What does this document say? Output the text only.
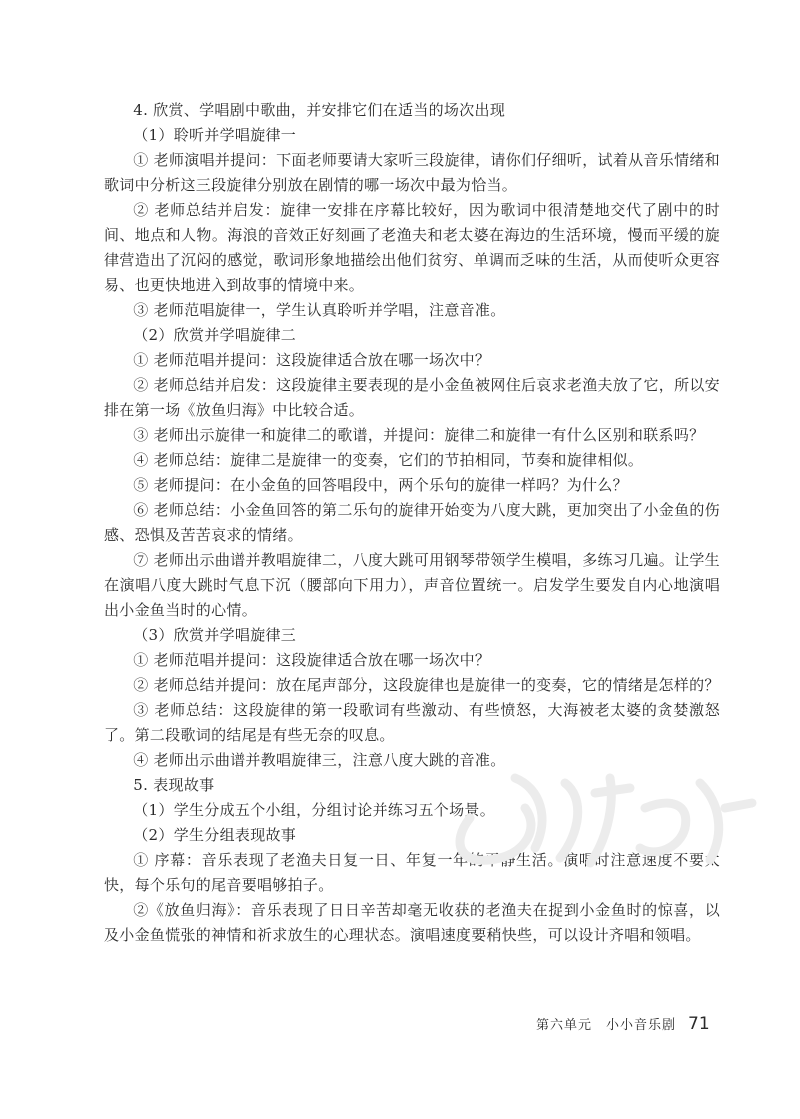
4. 欣赏、学唱剧中歌曲，并安排它们在适当的场次出现

（1）聆听并学唱旋律一

① 老师演唱并提问：下面老师要请大家听三段旋律，请你们仔细听，试着从音乐情绪和歌词中分析这三段旋律分别放在剧情的哪一场次中最为恰当。

② 老师总结并启发：旋律一安排在序幕比较好，因为歌词中很清楚地交代了剧中的时间、地点和人物。海浪的音效正好刻画了老渔夫和老太婆在海边的生活环境，慢而平缓的旋律营造出了沉闷的感觉，歌词形象地描绘出他们贫穷、单调而乏味的生活，从而使听众更容易、也更快地进入到故事的情境中来。

③ 老师范唱旋律一，学生认真聆听并学唱，注意音准。

（2）欣赏并学唱旋律二

① 老师范唱并提问：这段旋律适合放在哪一场次中？

② 老师总结并启发：这段旋律主要表现的是小金鱼被网住后哀求老渔夫放了它，所以安排在第一场《放鱼归海》中比较合适。

③ 老师出示旋律一和旋律二的歌谱，并提问：旋律二和旋律一有什么区别和联系吗？

④ 老师总结：旋律二是旋律一的变奏，它们的节拍相同，节奏和旋律相似。

⑤ 老师提问：在小金鱼的回答唱段中，两个乐句的旋律一样吗？为什么？

⑥ 老师总结：小金鱼回答的第二乐句的旋律开始变为八度大跳，更加突出了小金鱼的伤感、恐惧及苦苦哀求的情绪。

⑦ 老师出示曲谱并教唱旋律二，八度大跳可用钢琴带领学生模唱，多练习几遍。让学生在演唱八度大跳时气息下沉（腰部向下用力），声音位置统一。启发学生要发自内心地演唱出小金鱼当时的心情。

（3）欣赏并学唱旋律三

① 老师范唱并提问：这段旋律适合放在哪一场次中？

② 老师总结并提问：放在尾声部分，这段旋律也是旋律一的变奏，它的情绪是怎样的？

③ 老师总结：这段旋律的第一段歌词有些激动、有些愤怒，大海被老太婆的贪婪激怒了。第二段歌词的结尾是有些无奈的叹息。

④ 老师出示曲谱并教唱旋律三，注意八度大跳的音准。

5. 表现故事

（1）学生分成五个小组，分组讨论并练习五个场景。

（2）学生分组表现故事

① 序幕：音乐表现了老渔夫日复一日、年复一年的平静生活。演唱时注意速度不要太快，每个乐句的尾音要唱够拍子。

②《放鱼归海》：音乐表现了日日辛苦却毫无收获的老渔夫在捉到小金鱼时的惊喜，以及小金鱼慌张的神情和祈求放生的心理状态。演唱速度要稍快些，可以设计齐唱和领唱。

第六单元　小小音乐剧 71
